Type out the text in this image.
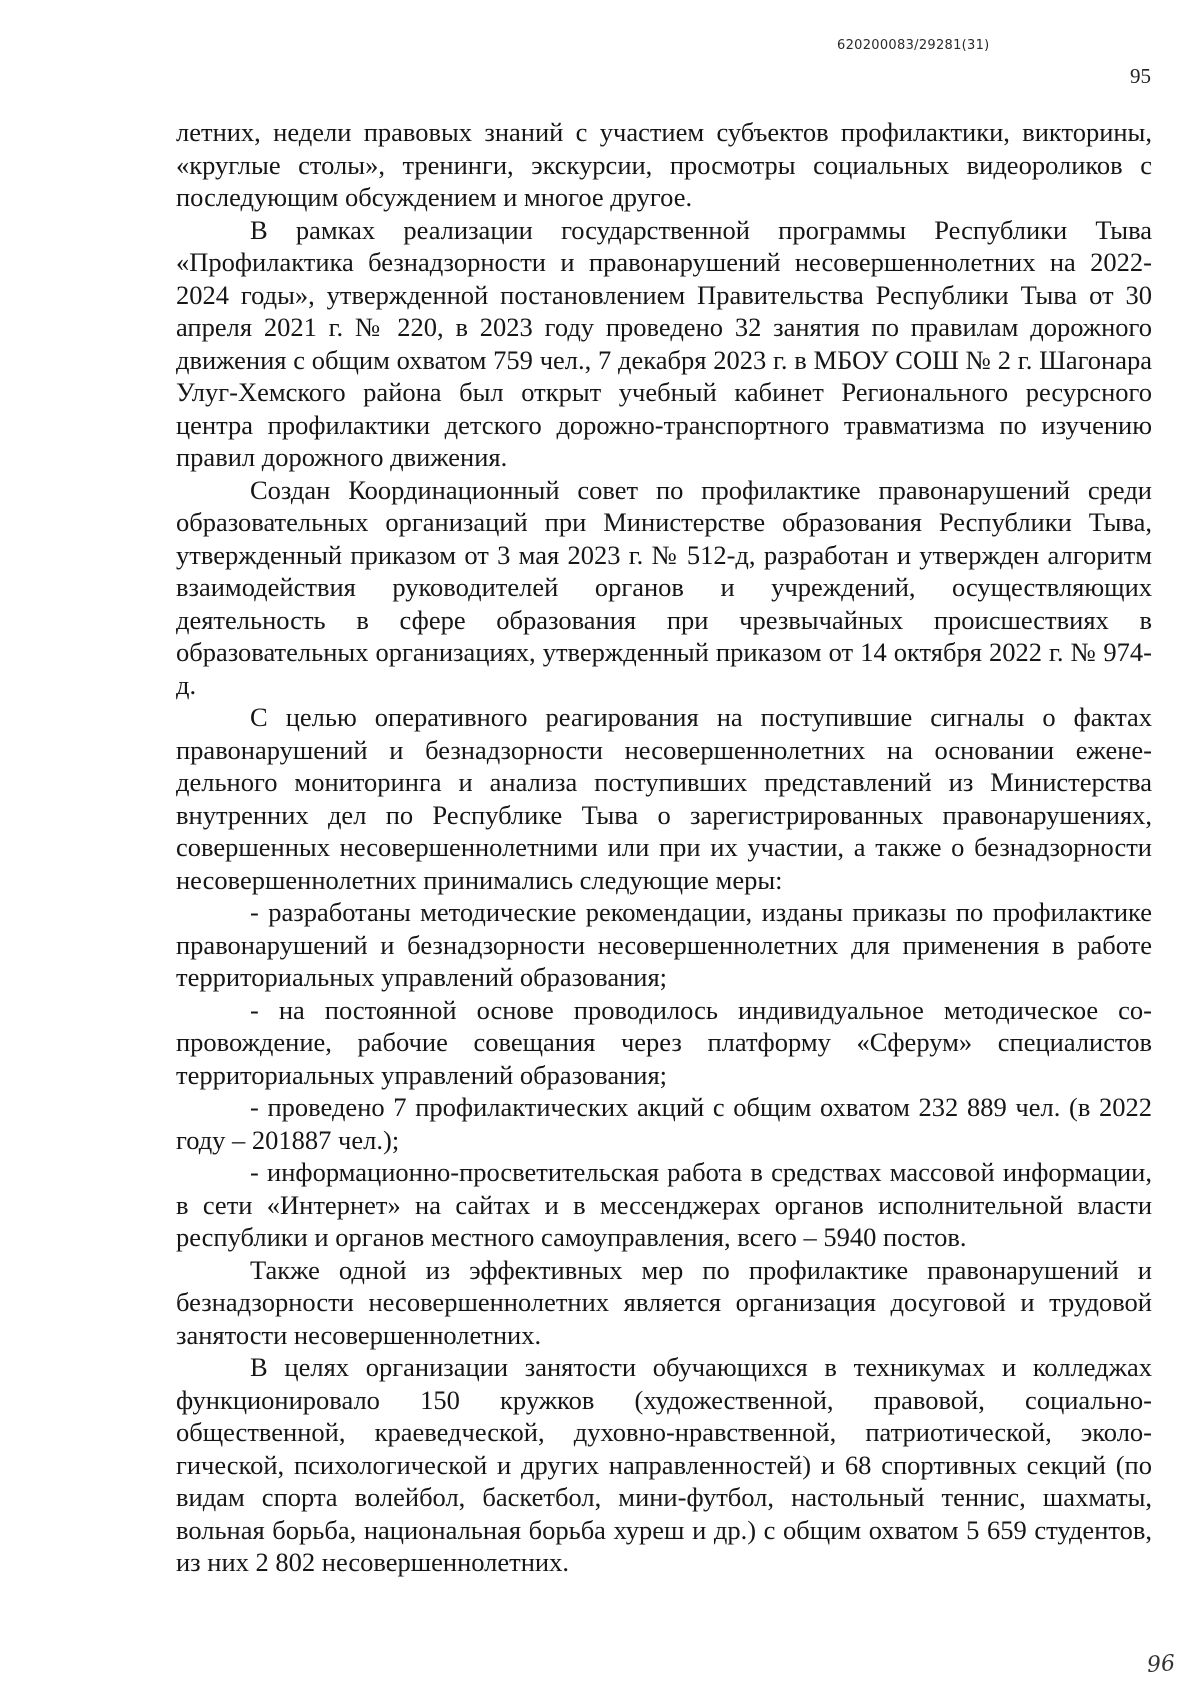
620200083/29281(31)
95

летних, недели правовых знаний с участием субъектов профилактики, викторины, «круглые столы», тренинги, экскурсии, просмотры социальных видеороликов с последующим обсуждением и многое другое.

В рамках реализации государственной программы Республики Тыва «Профилактика безнадзорности и правонарушений несовершеннолетних на 2022-2024 годы», утвержденной постановлением Правительства Республики Тыва от 30 апреля 2021 г. № 220, в 2023 году проведено 32 занятия по правилам дорожного движения с общим охватом 759 чел., 7 декабря 2023 г. в МБОУ СОШ № 2 г. Шагонара Улуг-Хемского района был открыт учебный кабинет Регионального ресурсного центра профилактики детского дорожно-транспортного травматизма по изучению правил дорожного движения.

Создан Координационный совет по профилактике правонарушений среди образовательных организаций при Министерстве образования Республики Тыва, утвержденный приказом от 3 мая 2023 г. № 512-д, разработан и утвержден алгоритм взаимодействия руководителей органов и учреждений, осуществляющих деятельность в сфере образования при чрезвычайных происшествиях в образовательных организациях, утвержденный приказом от 14 октября 2022 г. № 974-д.

С целью оперативного реагирования на поступившие сигналы о фактах правонарушений и безнадзорности несовершеннолетних на основании еженeдельного мониторинга и анализа поступивших представлений из Министерства внутренних дел по Республике Тыва о зарегистрированных правонарушениях, совершенных несовершеннолетними или при их участии, а также о безнадзорности несовершеннолетних принимались следующие меры:

- разработаны методические рекомендации, изданы приказы по профилактике правонарушений и безнадзорности несовершеннолетних для применения в работе территориальных управлений образования;

- на постоянной основе проводилось индивидуальное методическое сопровождение, рабочие совещания через платформу «Сферум» специалистов территориальных управлений образования;

- проведено 7 профилактических акций с общим охватом 232 889 чел. (в 2022 году – 201887 чел.);

- информационно-просветительская работа в средствах массовой информации, в сети «Интернет» на сайтах и в мессенджерах органов исполнительной власти республики и органов местного самоуправления, всего – 5940 постов.

Также одной из эффективных мер по профилактике правонарушений и безнадзорности несовершеннолетних является организация досуговой и трудовой занятости несовершеннолетних.

В целях организации занятости обучающихся в техникумах и колледжах функционировало 150 кружков (художественной, правовой, социально-общественной, краеведческой, духовно-нравственной, патриотической, экологической, психологической и других направленностей) и 68 спортивных секций (по видам спорта волейбол, баскетбол, мини-футбол, настольный теннис, шахматы, вольная борьба, национальная борьба хуреш и др.) с общим охватом 5 659 студентов, из них 2 802 несовершеннолетних.

96
